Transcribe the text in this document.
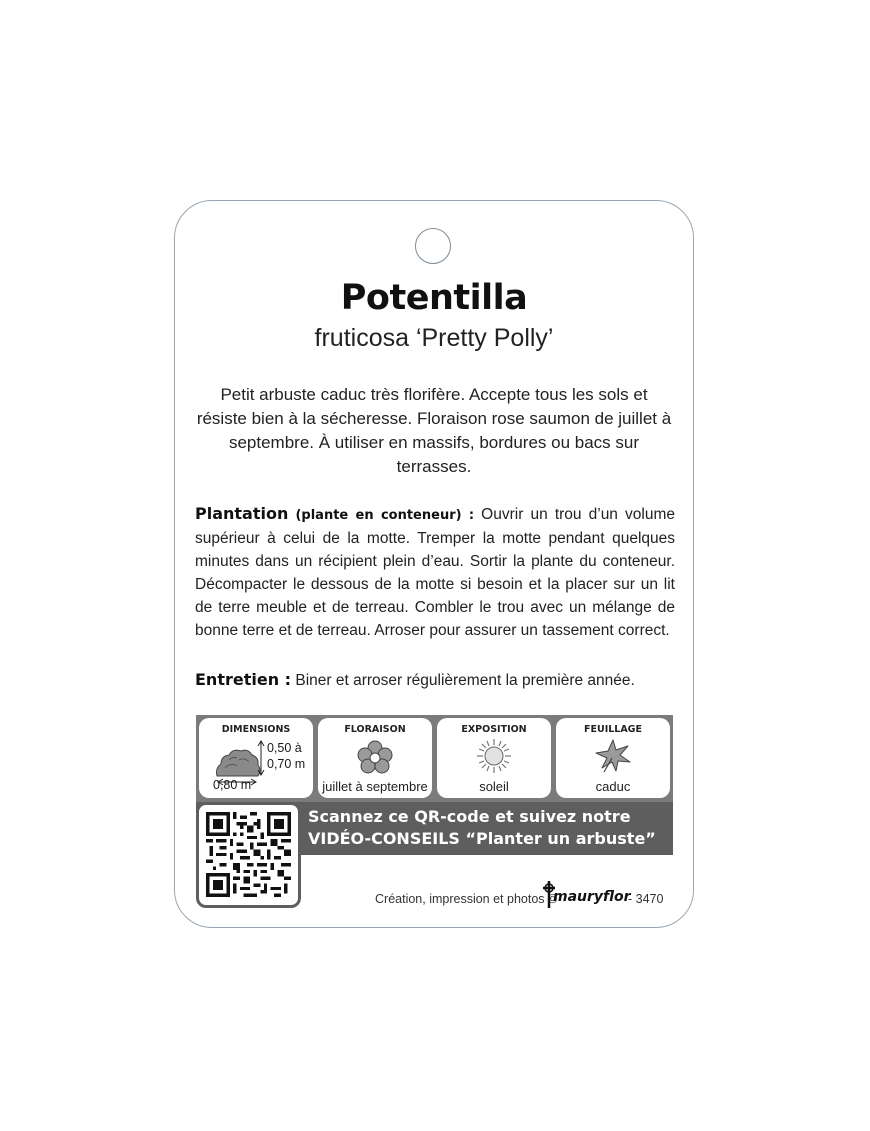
Potentilla
fruticosa ‘Pretty Polly’
Petit arbuste caduc très florifère. Accepte tous les sols et résiste bien à la sécheresse. Floraison rose saumon de juillet à septembre. À utiliser en massifs, bordures ou bacs sur terrasses.
Plantation (plante en conteneur) : Ouvrir un trou d’un volume supérieur à celui de la motte. Tremper la motte pendant quelques minutes dans un récipient plein d’eau. Sortir la plante du conteneur. Décompacter le dessous de la motte si besoin et la placer sur un lit de terre meuble et de terreau. Combler le trou avec un mélange de bonne terre et de terreau. Arroser pour assurer un tassement correct.
Entretien : Biner et arroser régulièrement la première année.
DIMENSIONS
0,50 à
0,70 m
0,80 m
FLORAISON
juillet à septembre
EXPOSITION
soleil
FEUILLAGE
caduc
Scannez ce QR-code et suivez notre
VIDÉO-CONSEILS “Planter un arbuste”
Création, impression et photos ©
mauryflor
- 3470
